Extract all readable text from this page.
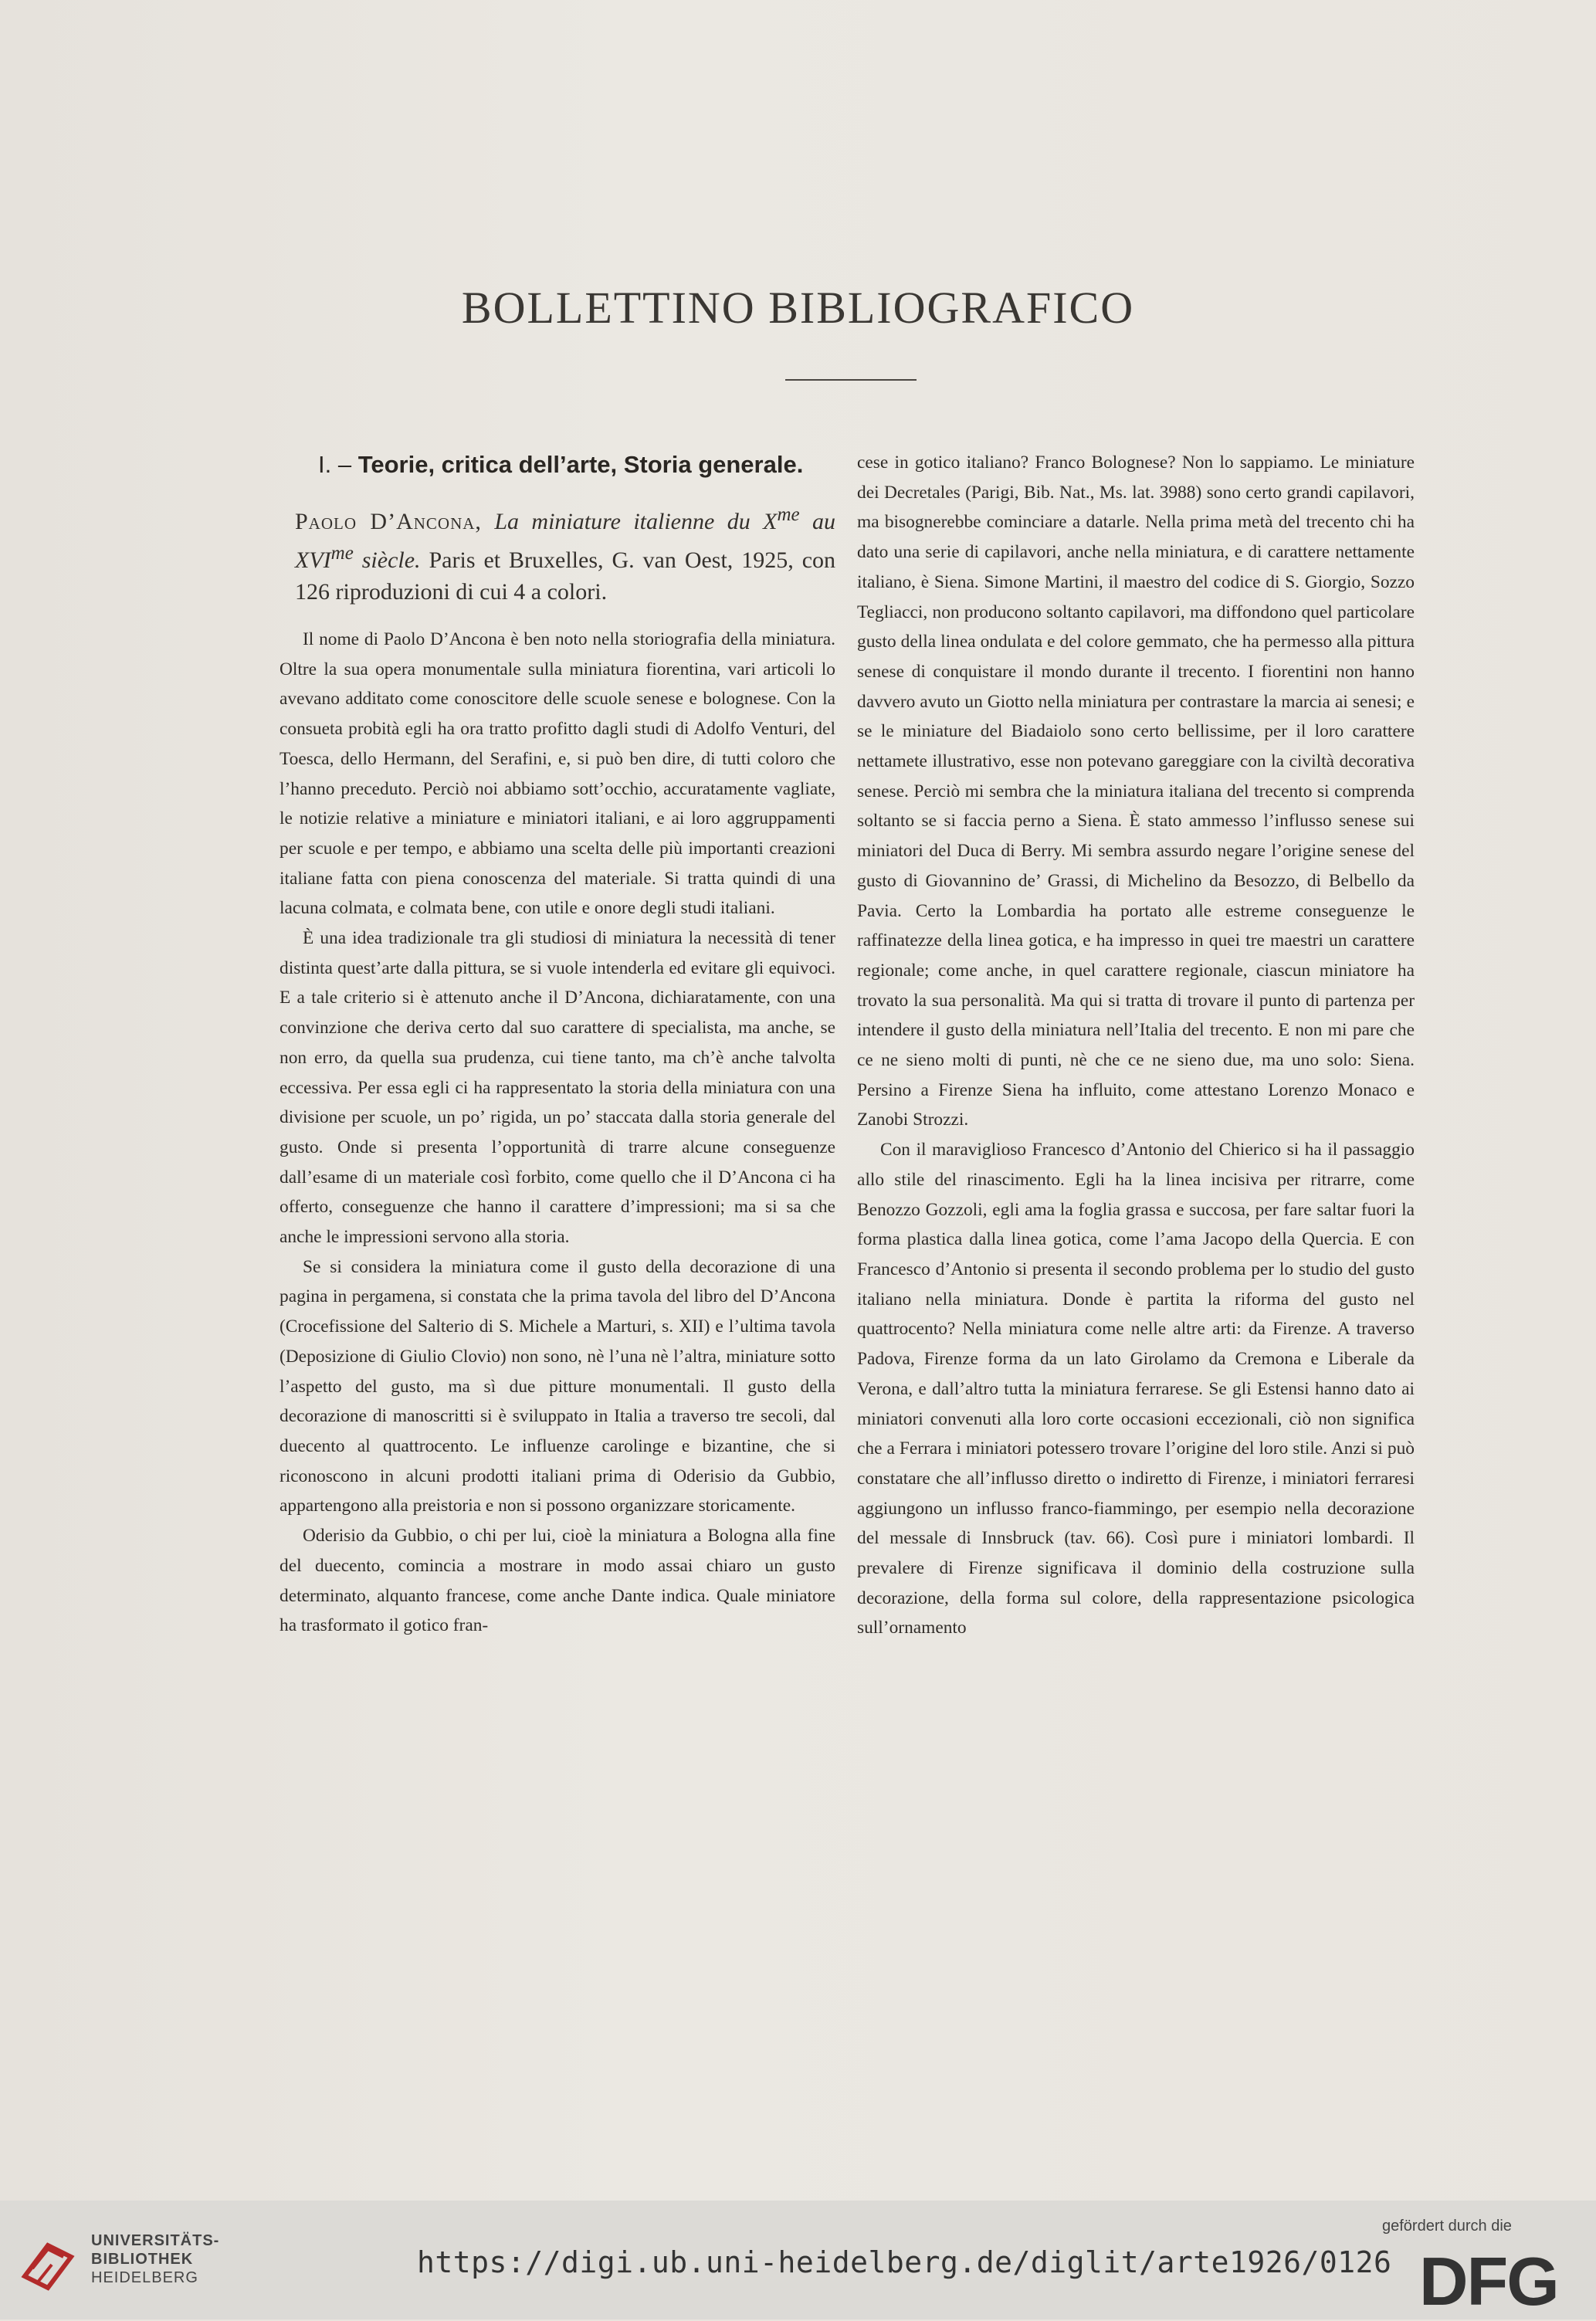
BOLLETTINO BIBLIOGRAFICO
I. – Teorie, critica dell’arte, Storia generale.
Paolo D’Ancona, La miniature italienne du $X^{me}$ au $XVI^{me}$ siècle. Paris et Bruxelles, G. van Oest, 1925, con 126 riproduzioni di cui 4 a colori.

Il nome di Paolo D’Ancona è ben noto nella storiografia della miniatura. Oltre la sua opera monumentale sulla miniatura fiorentina, vari articoli lo avevano additato come conoscitore delle scuole senese e bolognese. Con la consueta probità egli ha ora tratto profitto dagli studi di Adolfo Venturi, del Toesca, dello Hermann, del Serafini, e, si può ben dire, di tutti coloro che l’hanno preceduto. Perciò noi abbiamo sott’occhio, accuratamente vagliate, le notizie relative a miniature e miniatori italiani, e ai loro aggruppamenti per scuole e per tempo, e abbiamo una scelta delle più importanti creazioni italiane fatta con piena conoscenza del materiale. Si tratta quindi di una lacuna colmata, e colmata bene, con utile e onore degli studi italiani.

È una idea tradizionale tra gli studiosi di miniatura la necessità di tener distinta quest’arte dalla pittura, se si vuole intenderla ed evitare gli equivoci. E a tale criterio si è attenuto anche il D’Ancona, dichiaratamente, con una convinzione che deriva certo dal suo carattere di specialista, ma anche, se non erro, da quella sua prudenza, cui tiene tanto, ma ch’è anche talvolta eccessiva. Per essa egli ci ha rappresentato la storia della miniatura con una divisione per scuole, un po’ rigida, un po’ staccata dalla storia generale del gusto. Onde si presenta l’opportunità di trarre alcune conseguenze dall’esame di un materiale così forbito, come quello che il D’Ancona ci ha offerto, conseguenze che hanno il carattere d’impressioni; ma si sa che anche le impressioni servono alla storia.

Se si considera la miniatura come il gusto della decorazione di una pagina in pergamena, si constata che la prima tavola del libro del D’Ancona (Crocefissione del Salterio di S. Michele a Marturi, s. XII) e l’ultima tavola (Deposizione di Giulio Clovio) non sono, nè l’una nè l’altra, miniature sotto l’aspetto del gusto, ma sì due pitture monumentali. Il gusto della decorazione di manoscritti si è sviluppato in Italia a traverso tre secoli, dal duecento al quattrocento. Le influenze carolinge e bizantine, che si riconoscono in alcuni prodotti italiani prima di Oderisio da Gubbio, appartengono alla preistoria e non si possono organizzare storicamente.

Oderisio da Gubbio, o chi per lui, cioè la miniatura a Bologna alla fine del duecento, comincia a mostrare in modo assai chiaro un gusto determinato, alquanto francese, come anche Dante indica. Quale miniatore ha trasformato il gotico fran-

cese in gotico italiano? Franco Bolognese? Non lo sappiamo. Le miniature dei Decretales (Parigi, Bib. Nat., Ms. lat. 3988) sono certo grandi capilavori, ma bisognerebbe cominciare a datarle. Nella prima metà del trecento chi ha dato una serie di capilavori, anche nella miniatura, e di carattere nettamente italiano, è Siena. Simone Martini, il maestro del codice di S. Giorgio, Sozzo Tegliacci, non producono soltanto capilavori, ma diffondono quel particolare gusto della linea ondulata e del colore gemmato, che ha permesso alla pittura senese di conquistare il mondo durante il trecento. I fiorentini non hanno davvero avuto un Giotto nella miniatura per contrastare la marcia ai senesi; e se le miniature del Biadaiolo sono certo bellissime, per il loro carattere nettamete illustrativo, esse non potevano gareggiare con la civiltà decorativa senese. Perciò mi sembra che la miniatura italiana del trecento si comprenda soltanto se si faccia perno a Siena. È stato ammesso l’influsso senese sui miniatori del Duca di Berry. Mi sembra assurdo negare l’origine senese del gusto di Giovannino de’ Grassi, di Michelino da Besozzo, di Belbello da Pavia. Certo la Lombardia ha portato alle estreme conseguenze le raffinatezze della linea gotica, e ha impresso in quei tre maestri un carattere regionale; come anche, in quel carattere regionale, ciascun miniatore ha trovato la sua personalità. Ma qui si tratta di trovare il punto di partenza per intendere il gusto della miniatura nell’Italia del trecento. E non mi pare che ce ne sieno molti di punti, nè che ce ne sieno due, ma uno solo: Siena. Persino a Firenze Siena ha influito, come attestano Lorenzo Monaco e Zanobi Strozzi.

Con il maraviglioso Francesco d’Antonio del Chierico si ha il passaggio allo stile del rinascimento. Egli ha la linea incisiva per ritrarre, come Benozzo Gozzoli, egli ama la foglia grassa e succosa, per fare saltar fuori la forma plastica dalla linea gotica, come l’ama Jacopo della Quercia. E con Francesco d’Antonio si presenta il secondo problema per lo studio del gusto italiano nella miniatura. Donde è partita la riforma del gusto nel quattrocento? Nella miniatura come nelle altre arti: da Firenze. A traverso Padova, Firenze forma da un lato Girolamo da Cremona e Liberale da Verona, e dall’altro tutta la miniatura ferrarese. Se gli Estensi hanno dato ai miniatori convenuti alla loro corte occasioni eccezionali, ciò non significa che a Ferrara i miniatori potessero trovare l’origine del loro stile. Anzi si può constatare che all’influsso diretto o indiretto di Firenze, i miniatori ferraresi aggiungono un influsso franco-fiammingo, per esempio nella decorazione del messale di Innsbruck (tav. 66). Così pure i miniatori lombardi. Il prevalere di Firenze significava il dominio della costruzione sulla decorazione, della forma sul colore, della rappresentazione psicologica sull’ornamento

UNIVERSITÄTS-
BIBLIOTHEK
HEIDELBERG	https://digi.ub.uni-heidelberg.de/diglit/arte1926/0126
gefördert durch die
DFG
